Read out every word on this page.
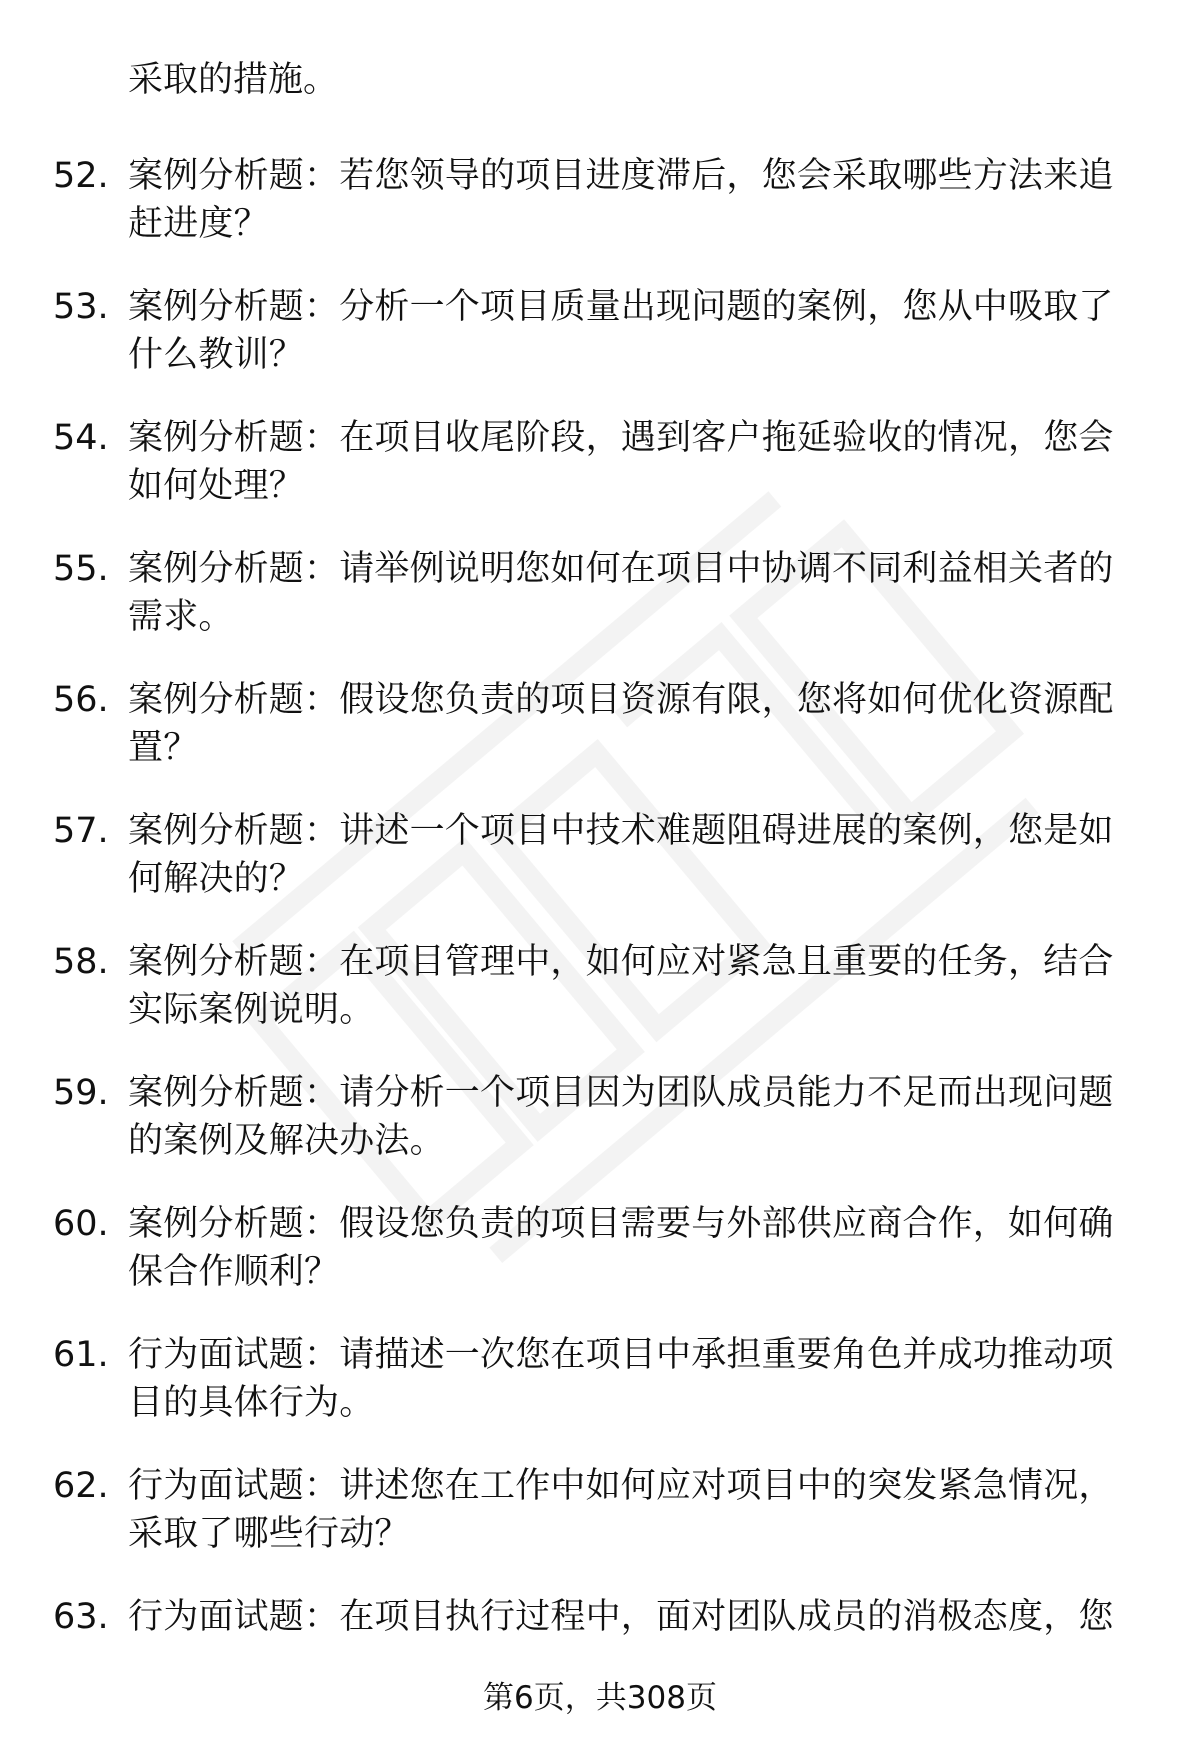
采取的措施。
52. 案例分析题：若您领导的项目进度滞后，您会采取哪些方法来追赶进度？
53. 案例分析题：分析一个项目质量出现问题的案例，您从中吸取了什么教训？
54. 案例分析题：在项目收尾阶段，遇到客户拖延验收的情况，您会如何处理？
55. 案例分析题：请举例说明您如何在项目中协调不同利益相关者的需求。
56. 案例分析题：假设您负责的项目资源有限，您将如何优化资源配置？
57. 案例分析题：讲述一个项目中技术难题阻碍进展的案例，您是如何解决的？
58. 案例分析题：在项目管理中，如何应对紧急且重要的任务，结合实际案例说明。
59. 案例分析题：请分析一个项目因为团队成员能力不足而出现问题的案例及解决办法。
60. 案例分析题：假设您负责的项目需要与外部供应商合作，如何确保合作顺利？
61. 行为面试题：请描述一次您在项目中承担重要角色并成功推动项目的具体行为。
62. 行为面试题：讲述您在工作中如何应对项目中的突发紧急情况，采取了哪些行动？
63. 行为面试题：在项目执行过程中，面对团队成员的消极态度，您
第6页，共308页
